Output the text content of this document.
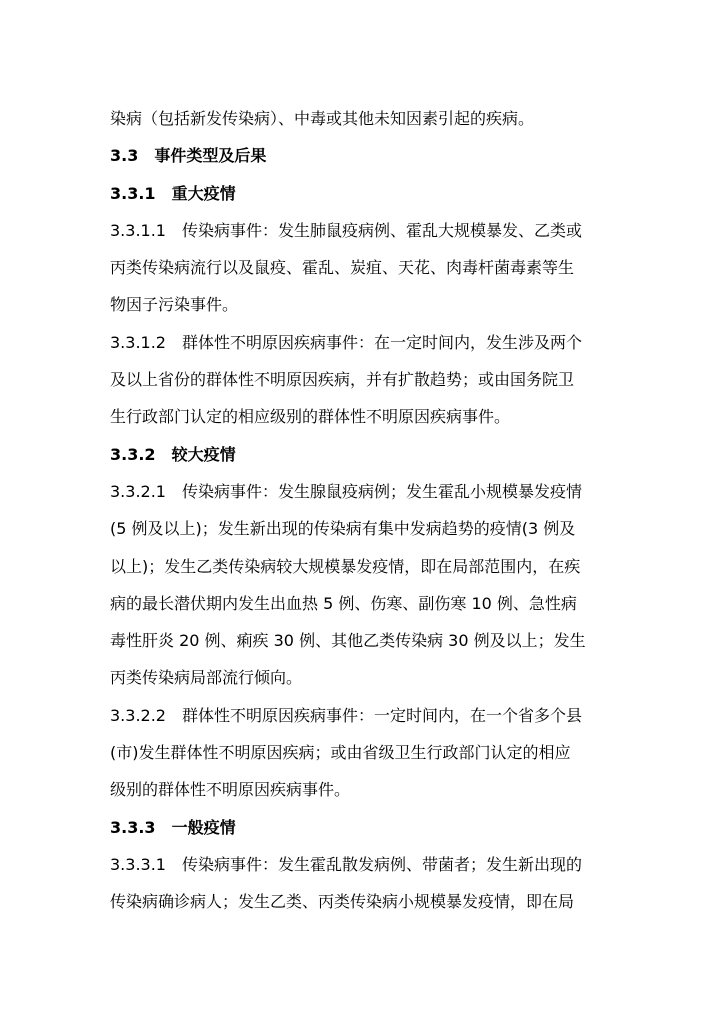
染病（包括新发传染病）、中毒或其他未知因素引起的疾病。
3.3 事件类型及后果
3.3.1 重大疫情
3.3.1.1 传染病事件：发生肺鼠疫病例、霍乱大规模暴发、乙类或
丙类传染病流行以及鼠疫、霍乱、炭疽、天花、肉毒杆菌毒素等生
物因子污染事件。
3.3.1.2 群体性不明原因疾病事件：在一定时间内，发生涉及两个
及以上省份的群体性不明原因疾病，并有扩散趋势；或由国务院卫
生行政部门认定的相应级别的群体性不明原因疾病事件。
3.3.2 较大疫情
3.3.2.1 传染病事件：发生腺鼠疫病例；发生霍乱小规模暴发疫情
(5 例及以上)；发生新出现的传染病有集中发病趋势的疫情(3 例及
以上)；发生乙类传染病较大规模暴发疫情，即在局部范围内，在疾
病的最长潜伏期内发生出血热 5 例、伤寒、副伤寒 10 例、急性病
毒性肝炎 20 例、痢疾 30 例、其他乙类传染病 30 例及以上；发生
丙类传染病局部流行倾向。
3.3.2.2 群体性不明原因疾病事件：一定时间内，在一个省多个县
(市)发生群体性不明原因疾病；或由省级卫生行政部门认定的相应
级别的群体性不明原因疾病事件。
3.3.3 一般疫情
3.3.3.1 传染病事件：发生霍乱散发病例、带菌者；发生新出现的
传染病确诊病人；发生乙类、丙类传染病小规模暴发疫情，即在局
